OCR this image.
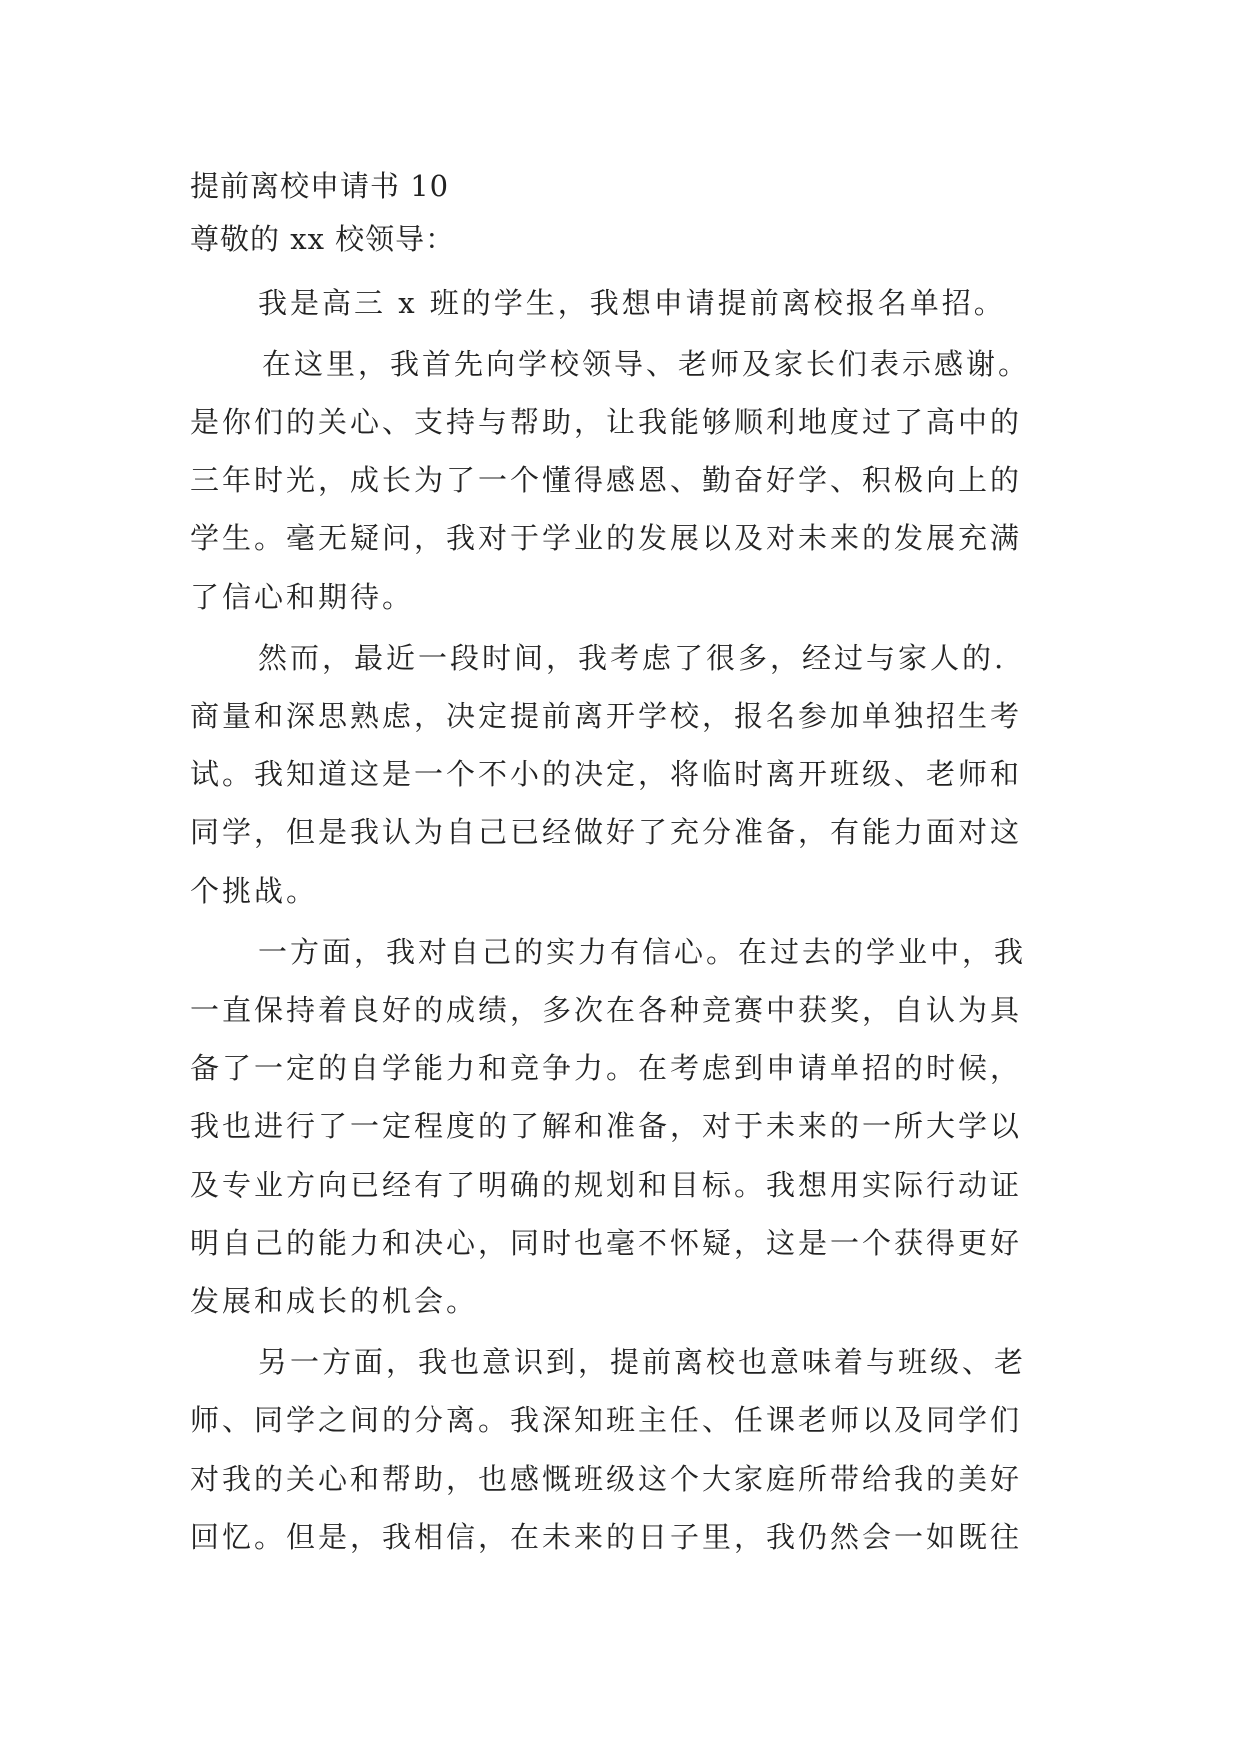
提前离校申请书 10
尊敬的 xx 校领导：
我是高三 x 班的学生，我想申请提前离校报名单招。
在这里，我首先向学校领导、老师及家长们表示感谢。
是你们的关心、支持与帮助，让我能够顺利地度过了高中的
三年时光，成长为了一个懂得感恩、勤奋好学、积极向上的
学生。毫无疑问，我对于学业的发展以及对未来的发展充满
了信心和期待。
然而，最近一段时间，我考虑了很多，经过与家人的.
商量和深思熟虑，决定提前离开学校，报名参加单独招生考
试。我知道这是一个不小的决定，将临时离开班级、老师和
同学，但是我认为自己已经做好了充分准备，有能力面对这
个挑战。
一方面，我对自己的实力有信心。在过去的学业中，我
一直保持着良好的成绩，多次在各种竞赛中获奖，自认为具
备了一定的自学能力和竞争力。在考虑到申请单招的时候，
我也进行了一定程度的了解和准备，对于未来的一所大学以
及专业方向已经有了明确的规划和目标。我想用实际行动证
明自己的能力和决心，同时也毫不怀疑，这是一个获得更好
发展和成长的机会。
另一方面，我也意识到，提前离校也意味着与班级、老
师、同学之间的分离。我深知班主任、任课老师以及同学们
对我的关心和帮助，也感慨班级这个大家庭所带给我的美好
回忆。但是，我相信，在未来的日子里，我仍然会一如既往
